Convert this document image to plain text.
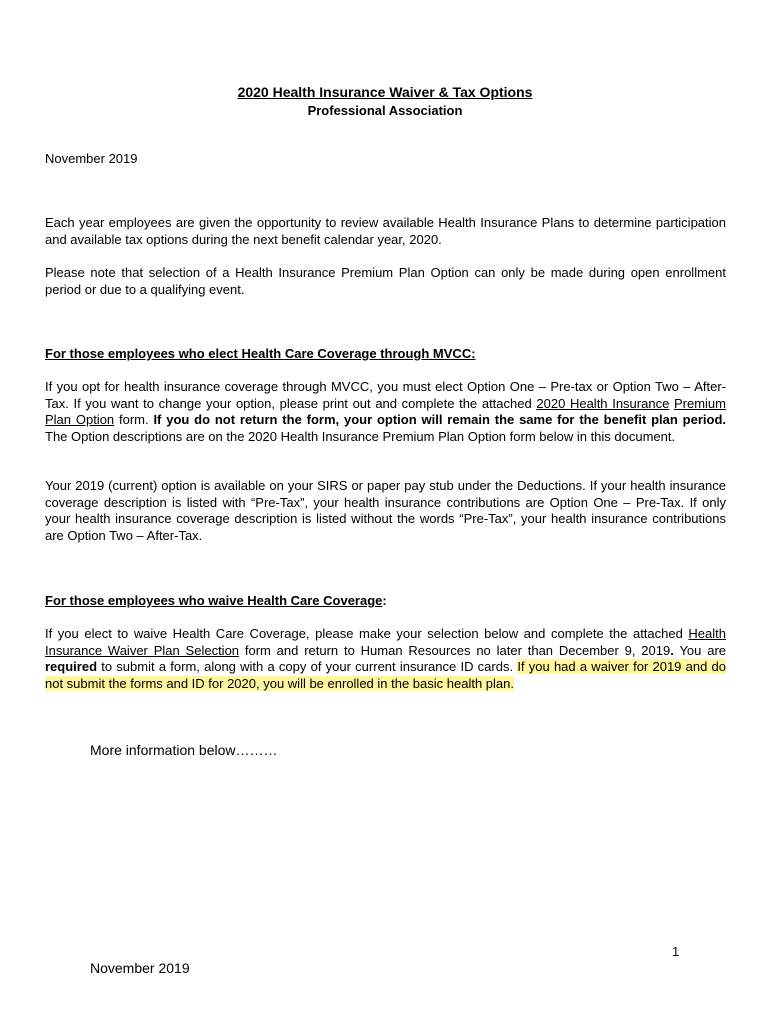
2020 Health Insurance Waiver & Tax Options
Professional Association
November 2019
Each year employees are given the opportunity to review available Health Insurance Plans to determine participation and available tax options during the next benefit calendar year, 2020.
Please note that selection of a Health Insurance Premium Plan Option can only be made during open enrollment period or due to a qualifying event.
For those employees who elect Health Care Coverage through MVCC:
If you opt for health insurance coverage through MVCC, you must elect Option One – Pre-tax or Option Two – After-Tax. If you want to change your option, please print out and complete the attached 2020 Health Insurance Premium Plan Option form. If you do not return the form, your option will remain the same for the benefit plan period. The Option descriptions are on the 2020 Health Insurance Premium Plan Option form below in this document.
Your 2019 (current) option is available on your SIRS or paper pay stub under the Deductions. If your health insurance coverage description is listed with “Pre-Tax”, your health insurance contributions are Option One – Pre-Tax. If only your health insurance coverage description is listed without the words “Pre-Tax”, your health insurance contributions are Option Two – After-Tax.
For those employees who waive Health Care Coverage:
If you elect to waive Health Care Coverage, please make your selection below and complete the attached Health Insurance Waiver Plan Selection form and return to Human Resources no later than December 9, 2019. You are required to submit a form, along with a copy of your current insurance ID cards. If you had a waiver for 2019 and do not submit the forms and ID for 2020, you will be enrolled in the basic health plan.
More information below………
1
November 2019
